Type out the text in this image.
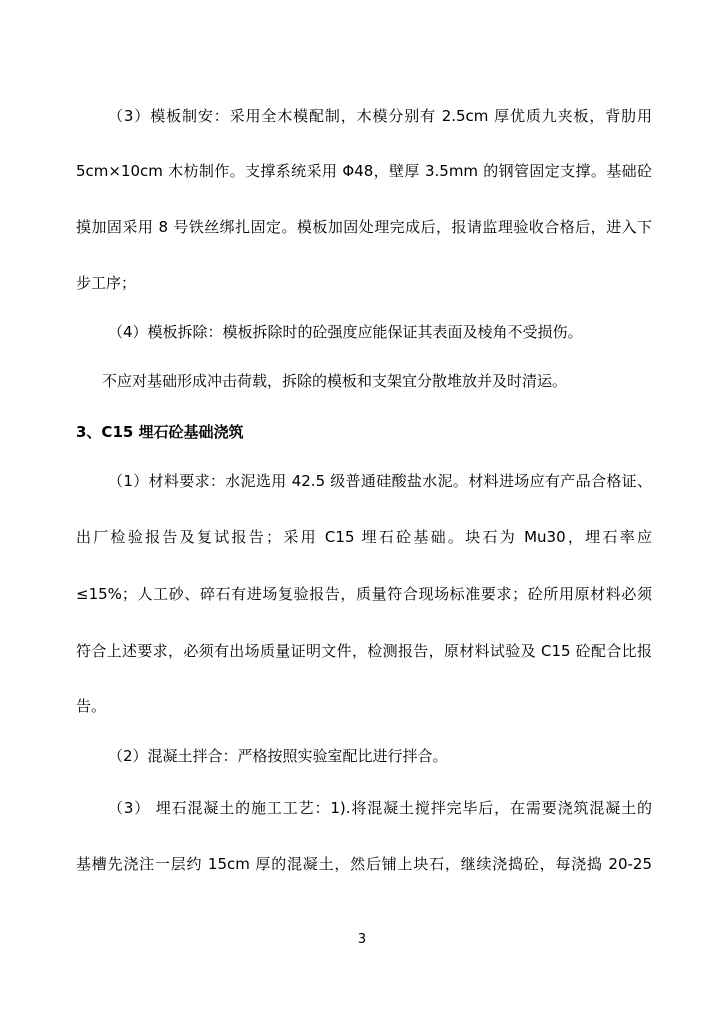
（3）模板制安：采用全木模配制，木模分别有 2.5cm 厚优质九夹板，背肋用
5cm×10cm 木枋制作。支撑系统采用 Φ48，壁厚 3.5mm 的钢管固定支撑。基础砼
摸加固采用 8 号铁丝绑扎固定。模板加固处理完成后，报请监理验收合格后，进入下
步工序；
（4）模板拆除：模板拆除时的砼强度应能保证其表面及棱角不受损伤。
不应对基础形成冲击荷载，拆除的模板和支架宜分散堆放并及时清运。
3、C15 埋石砼基础浇筑
（1）材料要求：水泥选用 42.5 级普通硅酸盐水泥。材料进场应有产品合格证、
出厂检验报告及复试报告；采用 C15 埋石砼基础。块石为 Mu30，埋石率应
≤15%；人工砂、碎石有进场复验报告，质量符合现场标准要求；砼所用原材料必须
符合上述要求，必须有出场质量证明文件，检测报告，原材料试验及 C15 砼配合比报
告。
（2）混凝土拌合：严格按照实验室配比进行拌合。
（3） 埋石混凝土的施工工艺：1).将混凝土搅拌完毕后，在需要浇筑混凝土的
基槽先浇注一层约 15cm 厚的混凝土，然后铺上块石，继续浇捣砼，每浇捣 20-25
3
